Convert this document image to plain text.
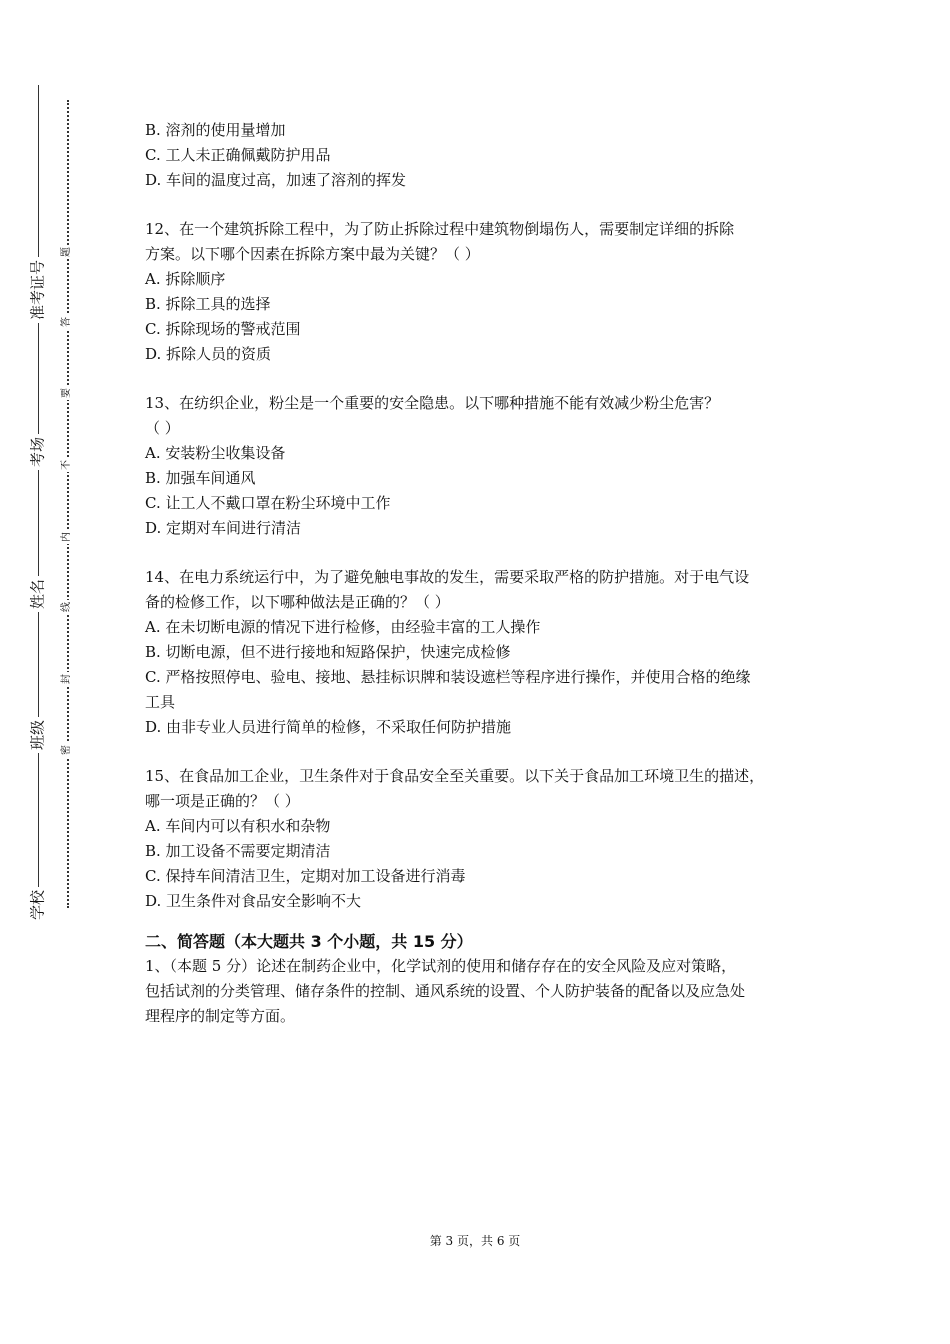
准考证号
考场
姓名
班级
学校
题
答
要
不
内
线
封
密

B. 溶剂的使用量增加

C. 工人未正确佩戴防护用品

D. 车间的温度过高，加速了溶剂的挥发

12、在一个建筑拆除工程中，为了防止拆除过程中建筑物倒塌伤人，需要制定详细的拆除

方案。以下哪个因素在拆除方案中最为关键？（ ）

A. 拆除顺序

B. 拆除工具的选择

C. 拆除现场的警戒范围

D. 拆除人员的资质

13、在纺织企业，粉尘是一个重要的安全隐患。以下哪种措施不能有效减少粉尘危害？

（ ）

A. 安装粉尘收集设备

B. 加强车间通风

C. 让工人不戴口罩在粉尘环境中工作

D. 定期对车间进行清洁

14、在电力系统运行中，为了避免触电事故的发生，需要采取严格的防护措施。对于电气设

备的检修工作，以下哪种做法是正确的？（ ）

A. 在未切断电源的情况下进行检修，由经验丰富的工人操作

B. 切断电源，但不进行接地和短路保护，快速完成检修

C. 严格按照停电、验电、接地、悬挂标识牌和装设遮栏等程序进行操作，并使用合格的绝缘

工具

D. 由非专业人员进行简单的检修，不采取任何防护措施

15、在食品加工企业，卫生条件对于食品安全至关重要。以下关于食品加工环境卫生的描述，

哪一项是正确的？（ ）

A. 车间内可以有积水和杂物

B. 加工设备不需要定期清洁

C. 保持车间清洁卫生，定期对加工设备进行消毒

D. 卫生条件对食品安全影响不大

二、简答题（本大题共 3 个小题，共 15 分）

1、（本题 5 分）论述在制药企业中，化学试剂的使用和储存存在的安全风险及应对策略，

包括试剂的分类管理、储存条件的控制、通风系统的设置、个人防护装备的配备以及应急处

理程序的制定等方面。

第 3 页，共 6 页
